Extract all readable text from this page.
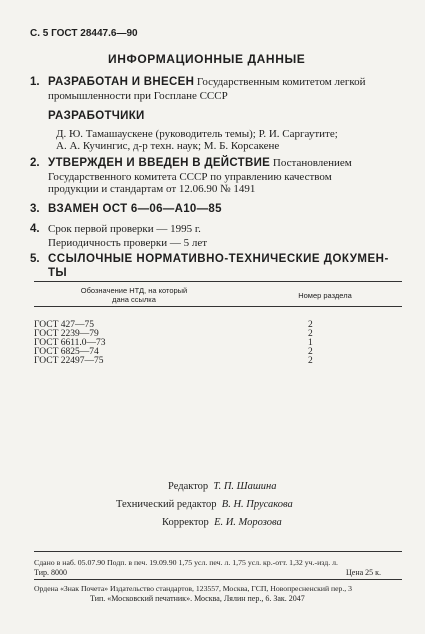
С. 5 ГОСТ 28447.6—90
ИНФОРМАЦИОННЫЕ ДАННЫЕ
1. РАЗРАБОТАН И ВНЕСЕН Государственным комитетом легкой
промышленности при Госплане СССР
РАЗРАБОТЧИКИ
Д. Ю. Тамашаускене (руководитель темы); Р. И. Саргаутите;
А. А. Кучингис, д-р техн. наук; М. Б. Корсакене
2. УТВЕРЖДЕН И ВВЕДЕН В ДЕЙСТВИЕ Постановлением
Государственного комитета СССР по управлению качеством
продукции и стандартам от 12.06.90 № 1491
3. ВЗАМЕН ОСТ 6—06—А10—85
4. Срок первой проверки — 1995 г.
Периодичность проверки — 5 лет
5. ССЫЛОЧНЫЕ НОРМАТИВНО-ТЕХНИЧЕСКИЕ ДОКУМЕН-
ТЫ
Обозначение НТД, на который
дана ссылка	Номер раздела
ГОСТ 427—75	2
ГОСТ 2239—79	2
ГОСТ 6611.0—73	1
ГОСТ 6825—74	2
ГОСТ 22497—75	2
Редактор Т. П. Шашина
Технический редактор В. Н. Прусакова
Корректор Е. И. Морозова
Сдано в наб. 05.07.90 Подп. в печ. 19.09.90 1,75 усл. печ. л. 1,75 усл. кр.-отт. 1,32 уч.-изд. л.
Тир. 8000	Цена 25 к.
Ордена «Знак Почета» Издательство стандартов, 123557, Москва, ГСП, Новопресненский пер., 3
Тип. «Московский печатник». Москва, Лялин пер., 6. Зак. 2047
